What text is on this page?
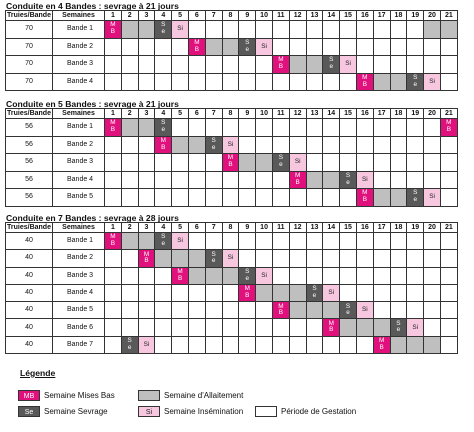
Conduite en 4 Bandes : sevrage à 21 jours
Truies/Bande	Semaines	1	2	3	4	5	6	7	8	9	10	11	12	13	14	15	16	17	18	19	20	21
70	Bande 1	MB			Se	Si																
70	Bande 2						MB			Se	Si											
70	Bande 3											MB			Se	Si						
70	Bande 4																MB			Se	Si	
Conduite en 5 Bandes : sevrage à 21 jours
Truies/Bande	Semaines	1	2	3	4	5	6	7	8	9	10	11	12	13	14	15	16	17	18	19	20	21
56	Bande 1	MB			Se																	MB
56	Bande 2				MB			Se	Si													
56	Bande 3								MB			Se	Si									
56	Bande 4												MB			Se	Si					
56	Bande 5																MB			Se	Si	
Conduite en 7 Bandes : sevrage à 28 jours
Truies/Bande	Semaines	1	2	3	4	5	6	7	8	9	10	11	12	13	14	15	16	17	18	19	20	21
40	Bande 1	MB			Se	Si																
40	Bande 2			MB				Se	Si													
40	Bande 3					MB				Se	Si											
40	Bande 4									MB				Se	Si							
40	Bande 5											MB				Se	Si					
40	Bande 6														MB				Se	Si		
40	Bande 7		Se	Si														MB				
Légende
MB	Semaine Mises Bas	Semaine d'Allaitement
Se	Semaine Sevrage	Si	Semaine Insémination	Période de Gestation
